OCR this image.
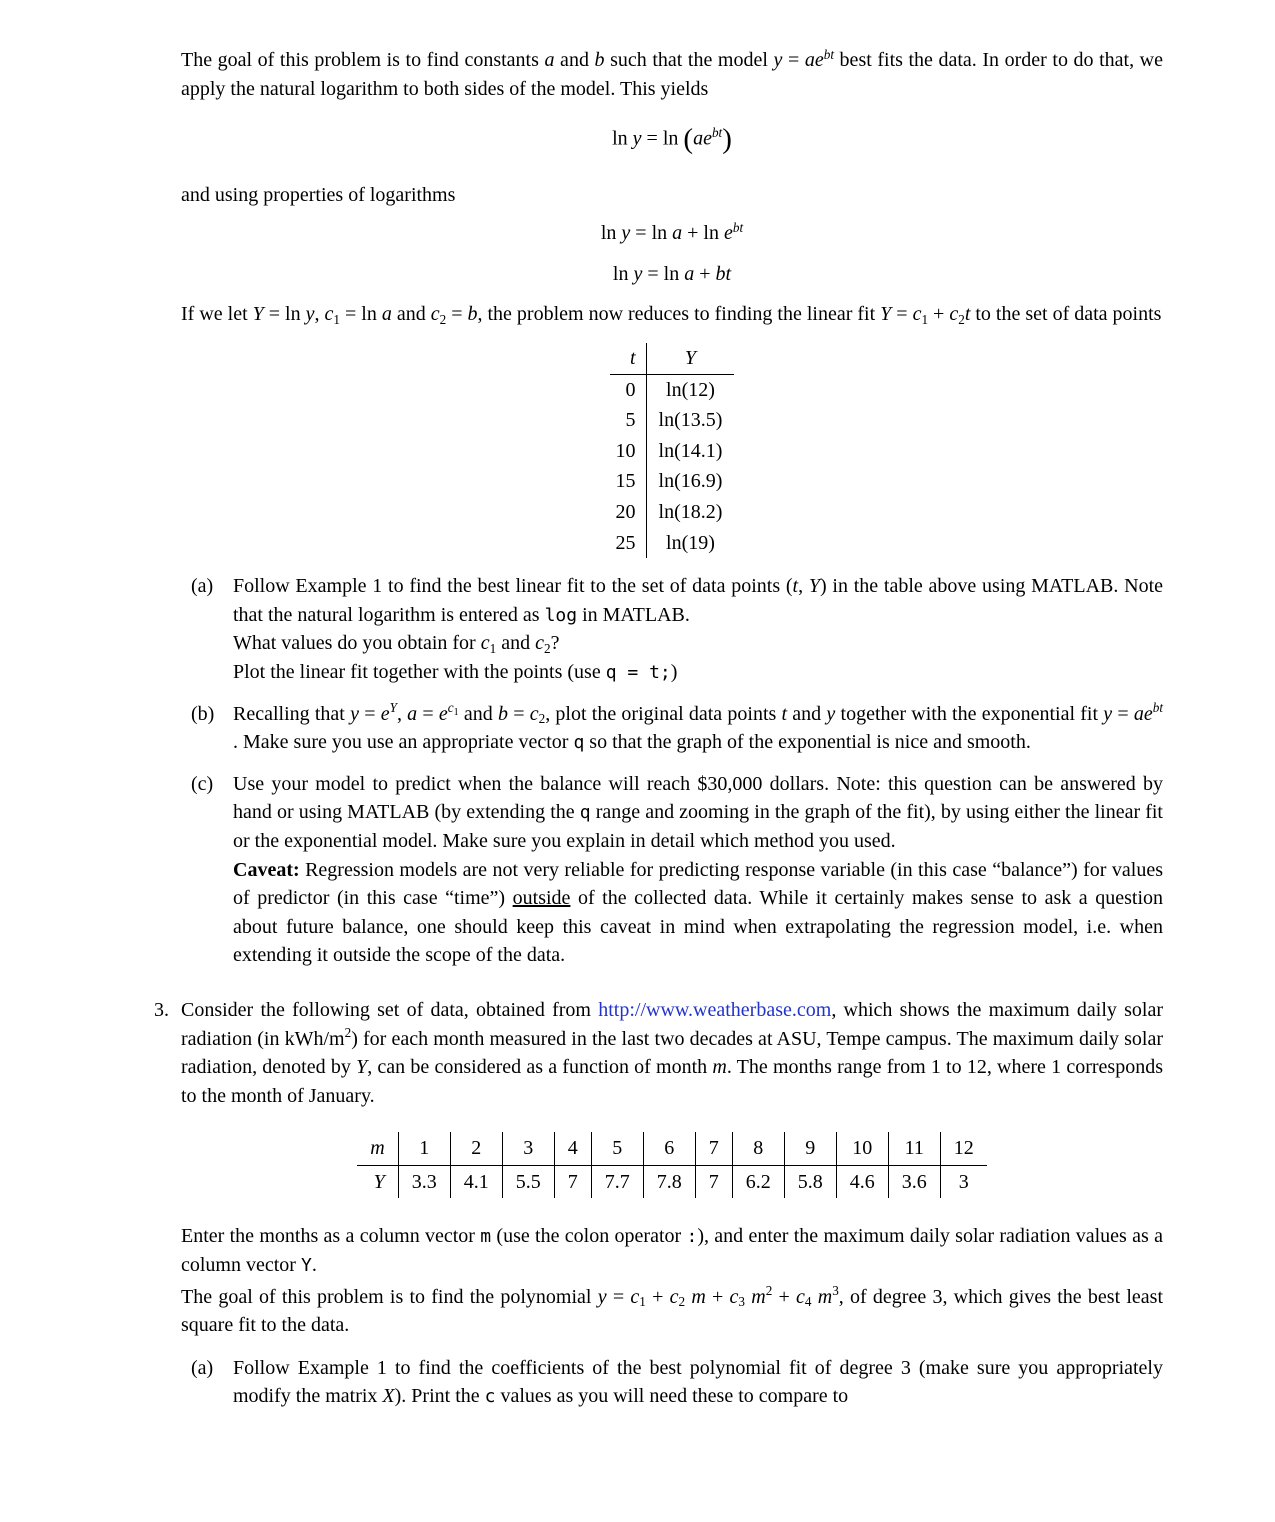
The goal of this problem is to find constants a and b such that the model $y = ae^{bt}$ best fits the data. In order to do that, we apply the natural logarithm to both sides of the model. This yields

$\ln y = \ln (ae^{bt})$

and using properties of logarithms

$\ln y = \ln a + \ln e^{bt}$
ln y = ln a + bt

If we let Y = ln y, c1 = ln a and c2 = b, the problem now reduces to finding the linear fit Y = c1 + c2t to the set of data points

t	Y
0	ln(12)
5	ln(13.5)
10	ln(14.1)
15	ln(16.9)
20	ln(18.2)
25	ln(19)
(a) Follow Example 1 to find the best linear fit to the set of data points (t, Y) in the table above using MATLAB. Note that the natural logarithm is entered as log in MATLAB.

What values do you obtain for c1 and c2?

Plot the linear fit together with the points (use q = t;)

(b) Recalling that $y = e^Y$, $a = e^{c1}$ and b = c2, plot the original data points t and y together with the exponential fit $y = ae^{bt}$ . Make sure you use an appropriate vector q so that the graph of the exponential is nice and smooth.

(c) Use your model to predict when the balance will reach $30,000 dollars. Note: this question can be answered by hand or using MATLAB (by extending the q range and zooming in the graph of the fit), by using either the linear fit or the exponential model. Make sure you explain in detail which method you used.

Caveat: Regression models are not very reliable for predicting response variable (in this case “balance”) for values of predictor (in this case “time”) outside of the collected data. While it certainly makes sense to ask a question about future balance, one should keep this caveat in mind when extrapolating the regression model, i.e. when extending it outside the scope of the data.

3. Consider the following set of data, obtained from http://www.weatherbase.com, which shows the maximum daily solar radiation (in kWh/$m^2$) for each month measured in the last two decades at ASU, Tempe campus. The maximum daily solar radiation, denoted by Y, can be considered as a function of month m. The months range from 1 to 12, where 1 corresponds to the month of January.

m	1	2	3	4	5	6	7	8	9	10	11	12
Y	3.3	4.1	5.5	7	7.7	7.8	7	6.2	5.8	4.6	3.6	3

Enter the months as a column vector m (use the colon operator :), and enter the maximum daily solar radiation values as a column vector Y.

The goal of this problem is to find the polynomial y = c1 + c2 m + c3 $m^2 + c4$ $m^3$, of degree 3, which gives the best least square fit to the data.

(a) Follow Example 1 to find the coefficients of the best polynomial fit of degree 3 (make sure you appropriately modify the matrix X). Print the c values as you will need these to compare to
